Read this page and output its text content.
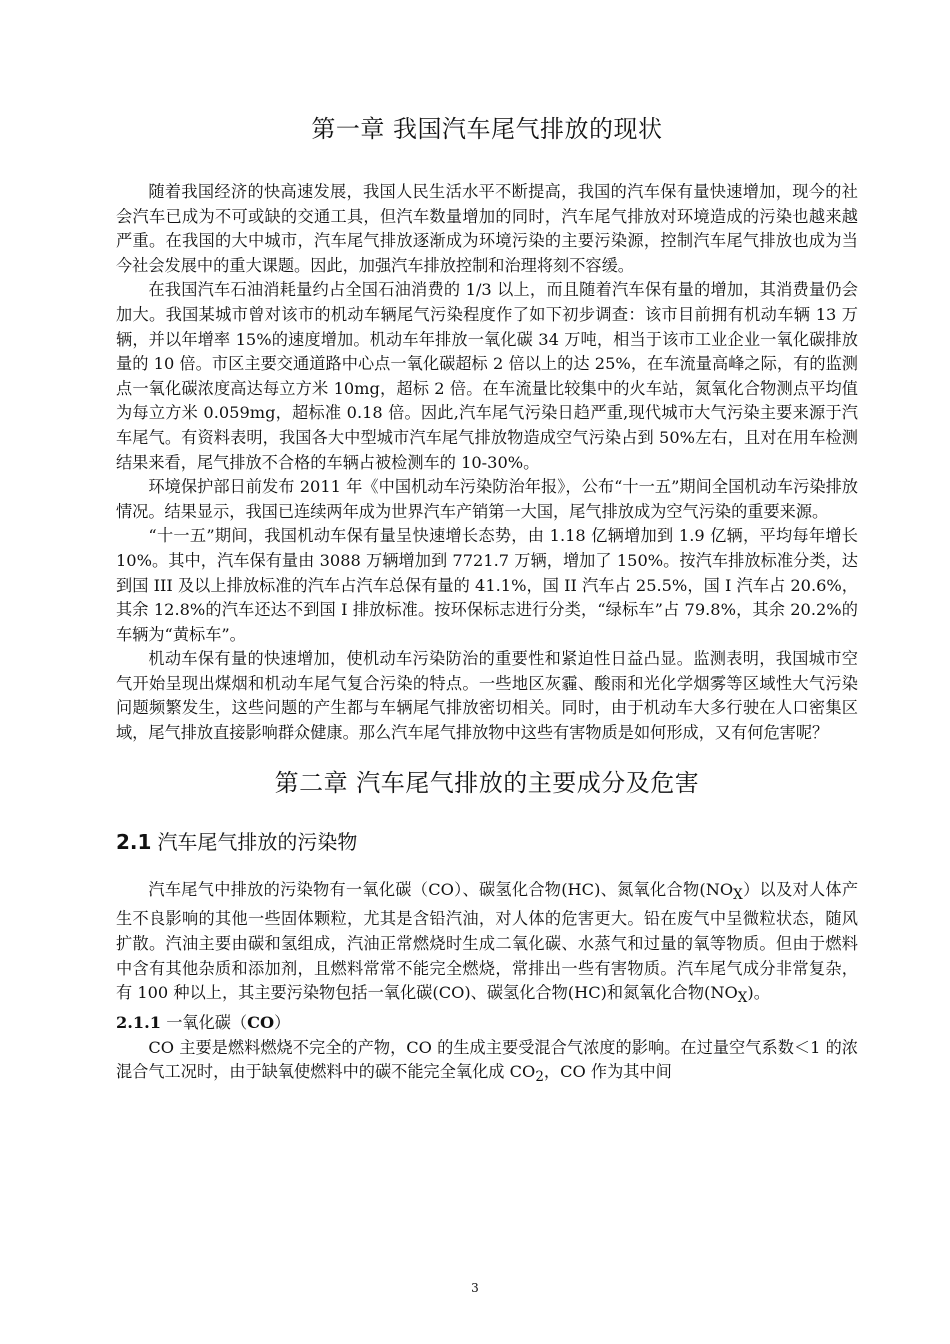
第一章 我国汽车尾气排放的现状

随着我国经济的快高速发展，我国人民生活水平不断提高，我国的汽车保有量快速增加，现今的社会汽车已成为不可或缺的交通工具，但汽车数量增加的同时，汽车尾气排放对环境造成的污染也越来越严重。在我国的大中城市，汽车尾气排放逐渐成为环境污染的主要污染源，控制汽车尾气排放也成为当今社会发展中的重大课题。因此，加强汽车排放控制和治理将刻不容缓。

在我国汽车石油消耗量约占全国石油消费的 1/3 以上，而且随着汽车保有量的增加，其消费量仍会加大。我国某城市曾对该市的机动车辆尾气污染程度作了如下初步调查：该市目前拥有机动车辆 13 万辆，并以年增率 15%的速度增加。机动车年排放一氧化碳 34 万吨，相当于该市工业企业一氧化碳排放量的 10 倍。市区主要交通道路中心点一氧化碳超标 2 倍以上的达 25%，在车流量高峰之际，有的监测点一氧化碳浓度高达每立方米 10mg，超标 2 倍。在车流量比较集中的火车站，氮氧化合物测点平均值为每立方米 0.059mg，超标准 0.18 倍。因此,汽车尾气污染日趋严重,现代城市大气污染主要来源于汽车尾气。有资料表明，我国各大中型城市汽车尾气排放物造成空气污染占到 50%左右，且对在用车检测结果来看，尾气排放不合格的车辆占被检测车的 10-30%。

环境保护部日前发布 2011 年《中国机动车污染防治年报》，公布“十一五”期间全国机动车污染排放情况。结果显示，我国已连续两年成为世界汽车产销第一大国，尾气排放成为空气污染的重要来源。

“十一五”期间，我国机动车保有量呈快速增长态势，由 1.18 亿辆增加到 1.9 亿辆，平均每年增长 10%。其中，汽车保有量由 3088 万辆增加到 7721.7 万辆，增加了 150%。按汽车排放标准分类，达到国 III 及以上排放标准的汽车占汽车总保有量的 41.1%，国 II 汽车占 25.5%，国 I 汽车占 20.6%，其余 12.8%的汽车还达不到国 I 排放标准。按环保标志进行分类，“绿标车”占 79.8%，其余 20.2%的车辆为“黄标车”。

机动车保有量的快速增加，使机动车污染防治的重要性和紧迫性日益凸显。监测表明，我国城市空气开始呈现出煤烟和机动车尾气复合污染的特点。一些地区灰霾、酸雨和光化学烟雾等区域性大气污染问题频繁发生，这些问题的产生都与车辆尾气排放密切相关。同时，由于机动车大多行驶在人口密集区域，尾气排放直接影响群众健康。那么汽车尾气排放物中这些有害物质是如何形成，又有何危害呢？

第二章 汽车尾气排放的主要成分及危害
2.1 汽车尾气排放的污染物

汽车尾气中排放的污染物有一氧化碳（CO）、碳氢化合物(HC)、氮氧化合物$(NO_X)$以及对人体产生不良影响的其他一些固体颗粒，尤其是含铅汽油，对人体的危害更大。铅在废气中呈微粒状态，随风扩散。汽油主要由碳和氢组成，汽油正常燃烧时生成二氧化碳、水蒸气和过量的氧等物质。但由于燃料中含有其他杂质和添加剂，且燃料常常不能完全燃烧，常排出一些有害物质。汽车尾气成分非常复杂，有 100 种以上，其主要污染物包括一氧化碳(CO)、碳氢化合物(HC)和氮氧化合物$(NO_X)$。

2.1.1 一氧化碳（CO）

CO 主要是燃料燃烧不完全的产物，CO 的生成主要受混合气浓度的影响。在过量空气系数＜1 的浓混合气工况时，由于缺氧使燃料中的碳不能完全氧化成 $CO_2$，CO 作为其中间

3
